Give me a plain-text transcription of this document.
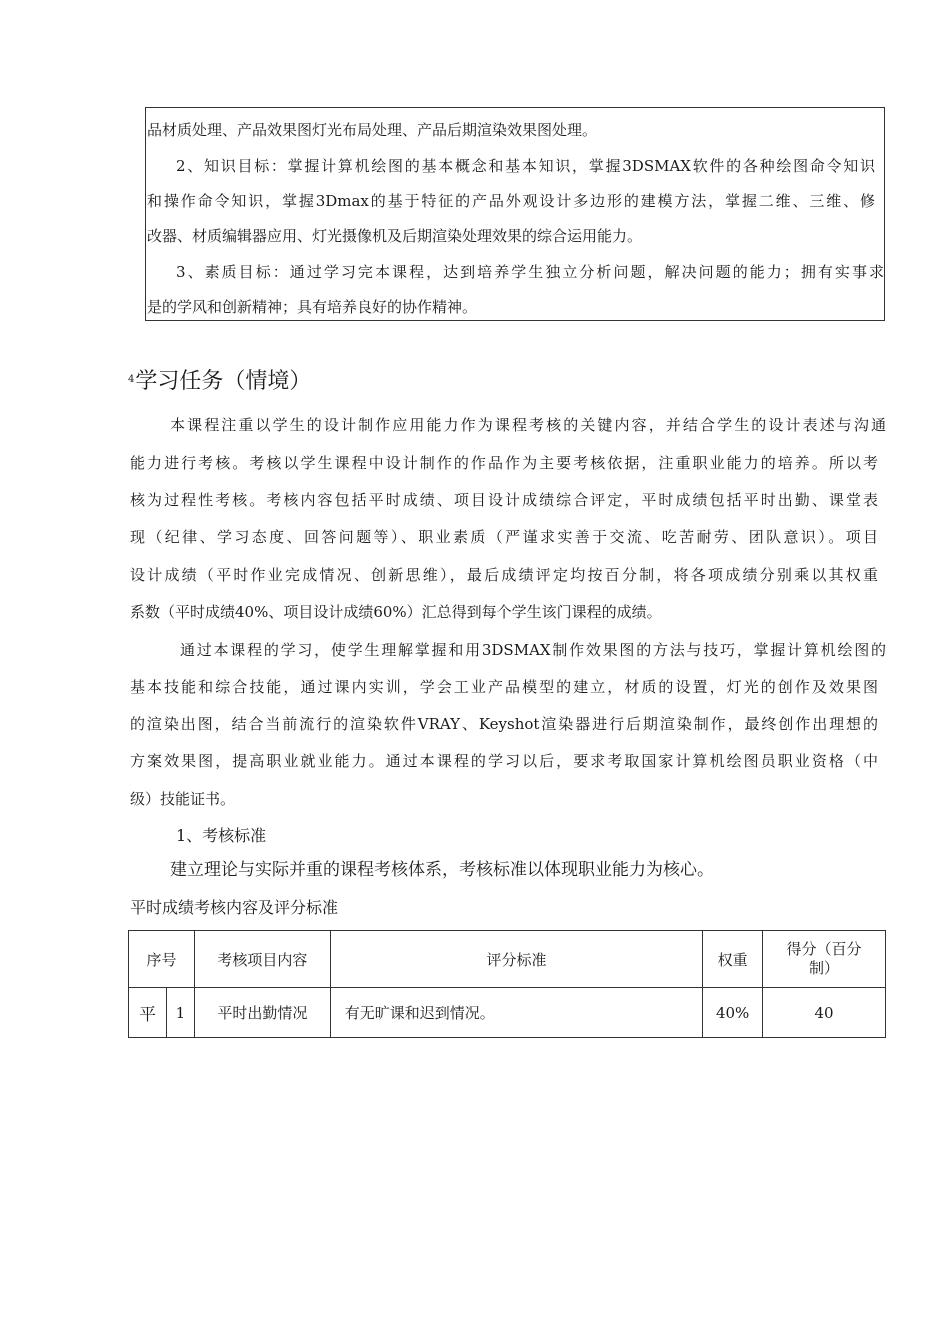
品材质处理、产品效果图灯光布局处理、产品后期渲染效果图处理。
2、知识目标：掌握计算机绘图的基本概念和基本知识，掌握3DSMAX软件的各种绘图命令知识
和操作命令知识，掌握3Dmax的基于特征的产品外观设计多边形的建模方法，掌握二维、三维、修
改器、材质编辑器应用、灯光摄像机及后期渲染处理效果的综合运用能力。
3、素质目标：通过学习完本课程，达到培养学生独立分析问题，解决问题的能力；拥有实事求
是的学风和创新精神；具有培养良好的协作精神。
$^4$学习任务（情境）
本课程注重以学生的设计制作应用能力作为课程考核的关键内容，并结合学生的设计表述与沟通
能力进行考核。考核以学生课程中设计制作的作品作为主要考核依据，注重职业能力的培养。所以考
核为过程性考核。考核内容包括平时成绩、项目设计成绩综合评定，平时成绩包括平时出勤、课堂表
现（纪律、学习态度、回答问题等）、职业素质（严谨求实善于交流、吃苦耐劳、团队意识）。项目
设计成绩（平时作业完成情况、创新思维），最后成绩评定均按百分制，将各项成绩分别乘以其权重
系数（平时成绩40%、项目设计成绩60%）汇总得到每个学生该门课程的成绩。
通过本课程的学习，使学生理解掌握和用3DSMAX制作效果图的方法与技巧，掌握计算机绘图的
基本技能和综合技能，通过课内实训，学会工业产品模型的建立，材质的设置，灯光的创作及效果图
的渲染出图，结合当前流行的渲染软件VRAY、Keyshot渲染器进行后期渲染制作，最终创作出理想的
方案效果图，提高职业就业能力。通过本课程的学习以后，要求考取国家计算机绘图员职业资格（中
级）技能证书。
1、考核标准
建立理论与实际并重的课程考核体系，考核标准以体现职业能力为核心。
平时成绩考核内容及评分标准
序号		考核项目内容	评分标准	权重	得分（百分
制）

平	1	平时出勤情况	有无旷课和迟到情况。	40%	40
